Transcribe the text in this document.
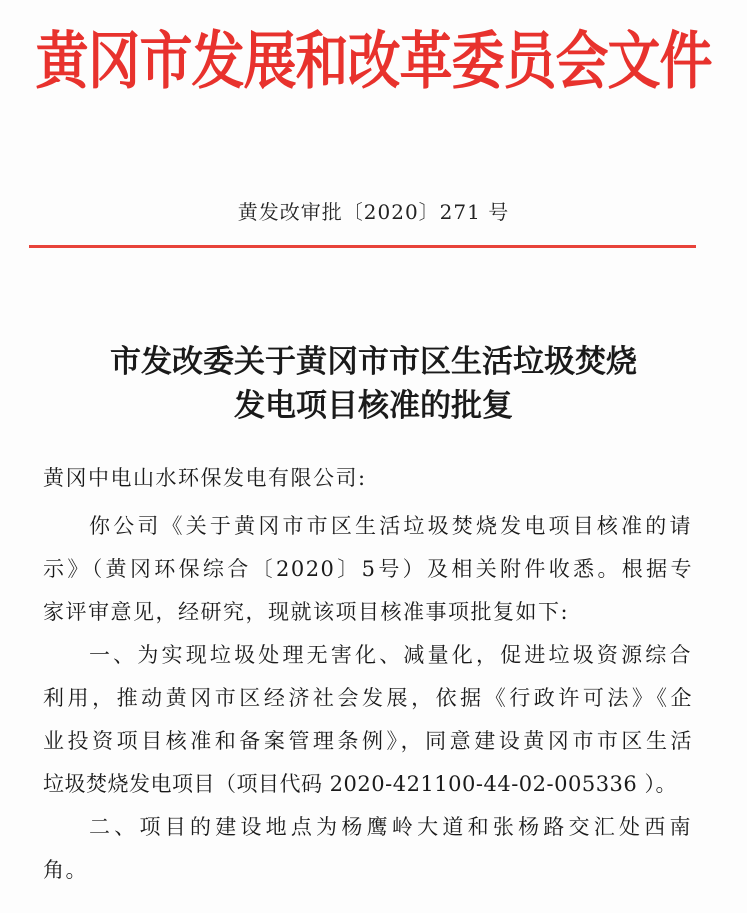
黄冈市发展和改革委员会文件
黄发改审批〔2020〕271 号
市发改委关于黄冈市市区生活垃圾焚烧
发电项目核准的批复
黄冈中电山水环保发电有限公司:
你公司《关于黄冈市市区生活垃圾焚烧发电项目核准的请
示》（黄冈环保综合〔2020〕5号）及相关附件收悉。根据专
家评审意见，经研究，现就该项目核准事项批复如下:
一、为实现垃圾处理无害化、减量化，促进垃圾资源综合
利用，推动黄冈市区经济社会发展，依据《行政许可法》《企
业投资项目核准和备案管理条例》，同意建设黄冈市市区生活
垃圾焚烧发电项目（项目代码 2020-421100-44-02-005336 ）。
二、项目的建设地点为杨鹰岭大道和张杨路交汇处西南
角。
